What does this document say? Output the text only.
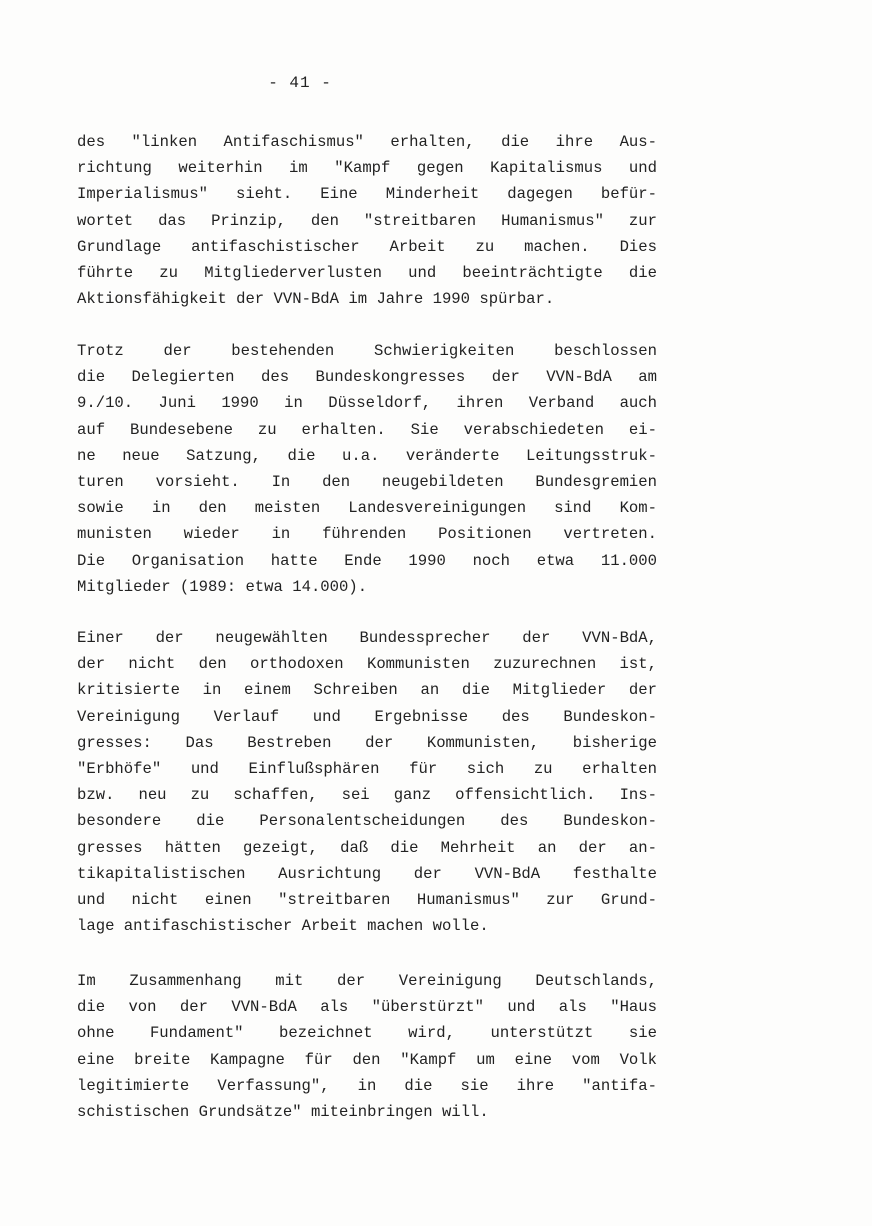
- 41 -
des "linken Antifaschismus" erhalten, die ihre Aus-
richtung weiterhin im "Kampf gegen Kapitalismus und
Imperialismus" sieht. Eine Minderheit dagegen befür-
wortet das Prinzip, den "streitbaren Humanismus" zur
Grundlage antifaschistischer Arbeit zu machen. Dies
führte zu Mitgliederverlusten und beeinträchtigte die
Aktionsfähigkeit der VVN-BdA im Jahre 1990 spürbar.
Trotz der bestehenden Schwierigkeiten beschlossen
die Delegierten des Bundeskongresses der VVN-BdA am
9./10. Juni 1990 in Düsseldorf, ihren Verband auch
auf Bundesebene zu erhalten. Sie verabschiedeten ei-
ne neue Satzung, die u.a. veränderte Leitungsstruk-
turen vorsieht. In den neugebildeten Bundesgremien
sowie in den meisten Landesvereinigungen sind Kom-
munisten wieder in führenden Positionen vertreten.
Die Organisation hatte Ende 1990 noch etwa 11.000
Mitglieder (1989: etwa 14.000).
Einer der neugewählten Bundessprecher der VVN-BdA,
der nicht den orthodoxen Kommunisten zuzurechnen ist,
kritisierte in einem Schreiben an die Mitglieder der
Vereinigung Verlauf und Ergebnisse des Bundeskon-
gresses: Das Bestreben der Kommunisten, bisherige
"Erbhöfe" und Einflußsphären für sich zu erhalten
bzw. neu zu schaffen, sei ganz offensichtlich. Ins-
besondere die Personalentscheidungen des Bundeskon-
gresses hätten gezeigt, daß die Mehrheit an der an-
tikapitalistischen Ausrichtung der VVN-BdA festhalte
und nicht einen "streitbaren Humanismus" zur Grund-
lage antifaschistischer Arbeit machen wolle.
Im Zusammenhang mit der Vereinigung Deutschlands,
die von der VVN-BdA als "überstürzt" und als "Haus
ohne Fundament" bezeichnet wird, unterstützt sie
eine breite Kampagne für den "Kampf um eine vom Volk
legitimierte Verfassung", in die sie ihre "antifa-
schistischen Grundsätze" miteinbringen will.
